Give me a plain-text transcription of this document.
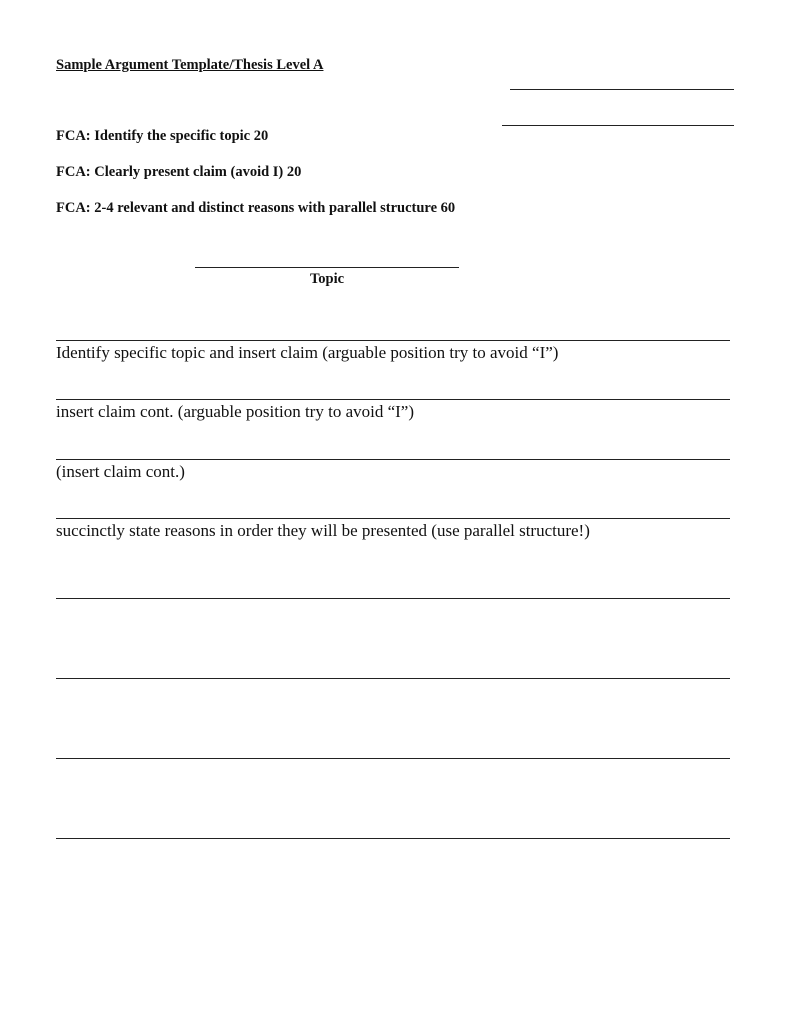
Sample Argument Template/Thesis Level A
FCA: Identify the specific topic 20
FCA: Clearly present claim (avoid I) 20
FCA: 2-4 relevant and distinct reasons with parallel structure 60
Topic
Identify specific topic and insert claim (arguable position try to avoid “I”)
insert claim cont. (arguable position try to avoid “I”)
(insert claim cont.)
succinctly state reasons in order they will be presented (use parallel structure!)
